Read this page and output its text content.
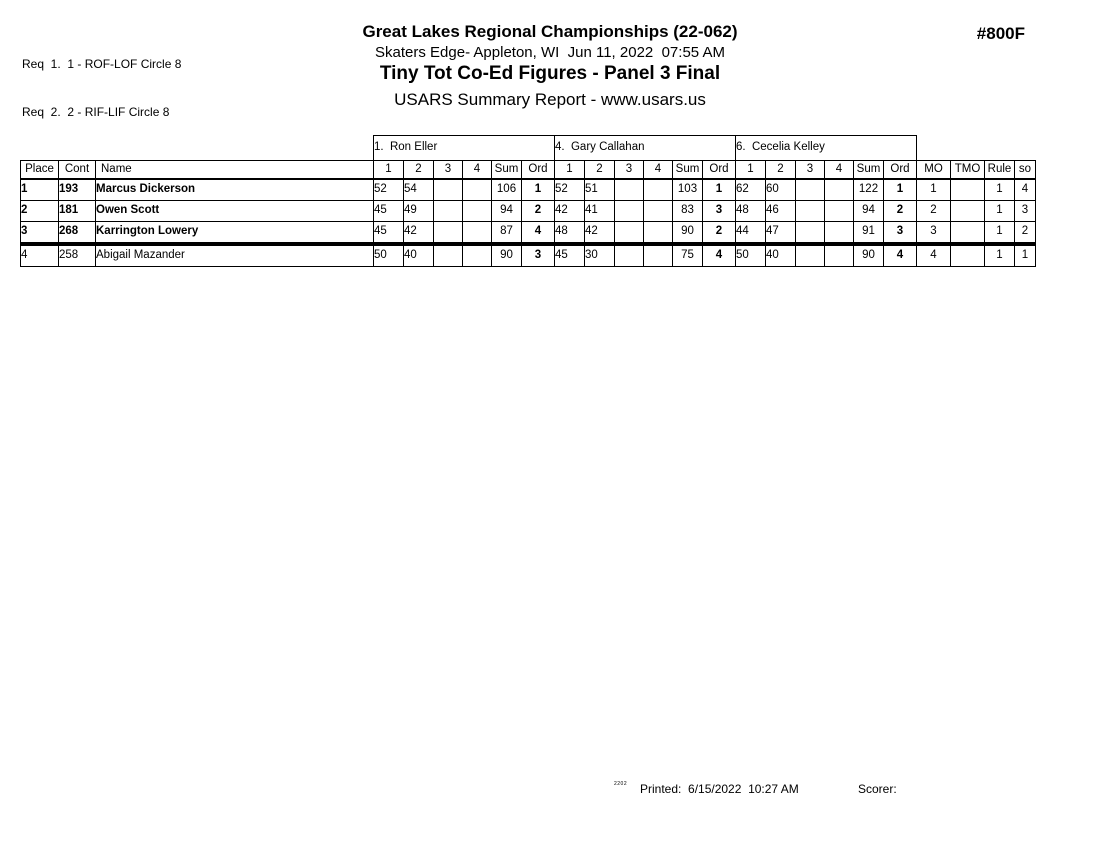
Req  1.  1 - ROF-LOF Circle 8

Req  2.  2 - RIF-LIF Circle 8

Great Lakes Regional Championships (22-062)
Skaters Edge- Appleton, WI  Jun 11, 2022  07:55 AM
Tiny Tot Co-Ed Figures - Panel 3 Final
USARS Summary Report - www.usars.us
#800F
			1.  Ron Eller						4.  Gary Callahan						6.  Cecelia Kelley									
Place	Cont	Name	1	2	3	4	Sum	Ord	1	2	3	4	Sum	Ord	1	2	3	4	Sum	Ord	MO	TMO	Rule	so
1	193	Marcus Dickerson	52	54			106	1	52	51			103	1	62	60			122	1	1		1	4
2	181	Owen Scott	45	49			94	2	42	41			83	3	48	46			94	2	2		1	3
3	268	Karrington Lowery	45	42			87	4	48	42			90	2	44	47			91	3	3		1	2
4	258	Abigail Mazander	50	40			90	3	45	30			75	4	50	40			90	4	4		1	1
2202 Printed:  6/15/2022  10:27 AM	Scorer:
